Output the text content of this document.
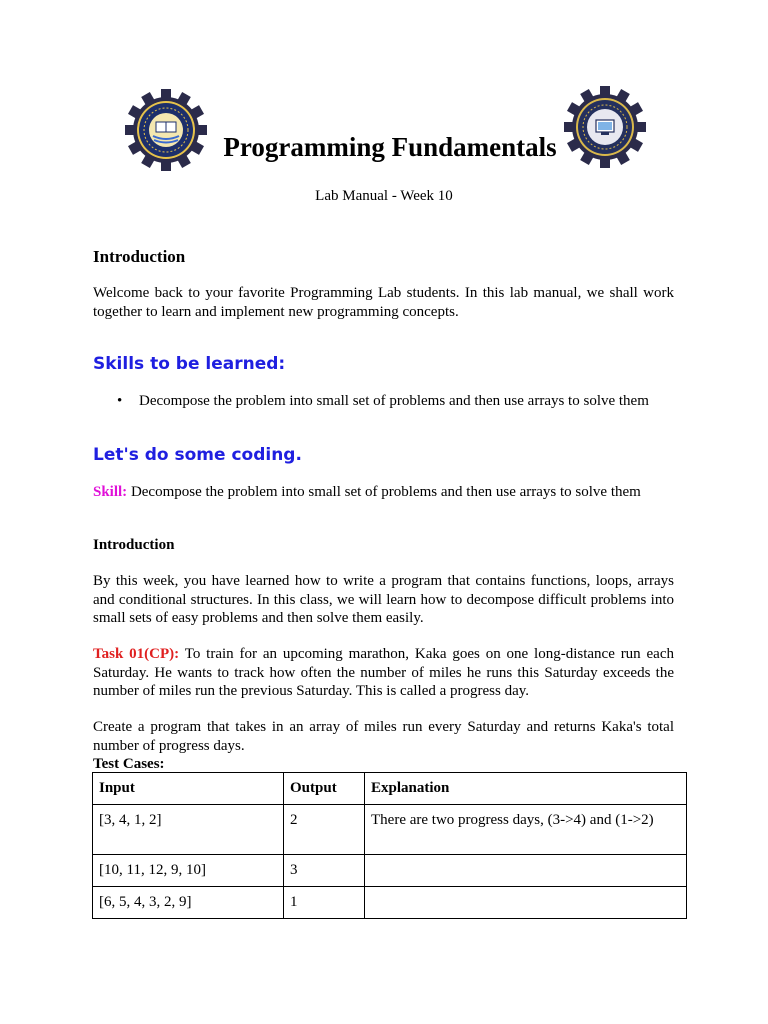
Programming Fundamentals
Lab Manual - Week 10
Introduction

Welcome back to your favorite Programming Lab students. In this lab manual, we shall work together to learn and implement new programming concepts.

Skills to be learned:
• Decompose the problem into small set of problems and then use arrays to solve them
Let's do some coding.

Skill: Decompose the problem into small set of problems and then use arrays to solve them

Introduction

By this week, you have learned how to write a program that contains functions, loops, arrays and conditional structures. In this class, we will learn how to decompose difficult problems into small sets of easy problems and then solve them easily.

Task 01(CP): To train for an upcoming marathon, Kaka goes on one long-distance run each Saturday. He wants to track how often the number of miles he runs this Saturday exceeds the number of miles run the previous Saturday. This is called a progress day.

Create a program that takes in an array of miles run every Saturday and returns Kaka's total number of progress days.

Test Cases:
Input	Output	Explanation
[3, 4, 1, 2]	2	There are two progress days, (3->4) and (1->2)
[10, 11, 12, 9, 10]	3	
[6, 5, 4, 3, 2, 9]	1	
